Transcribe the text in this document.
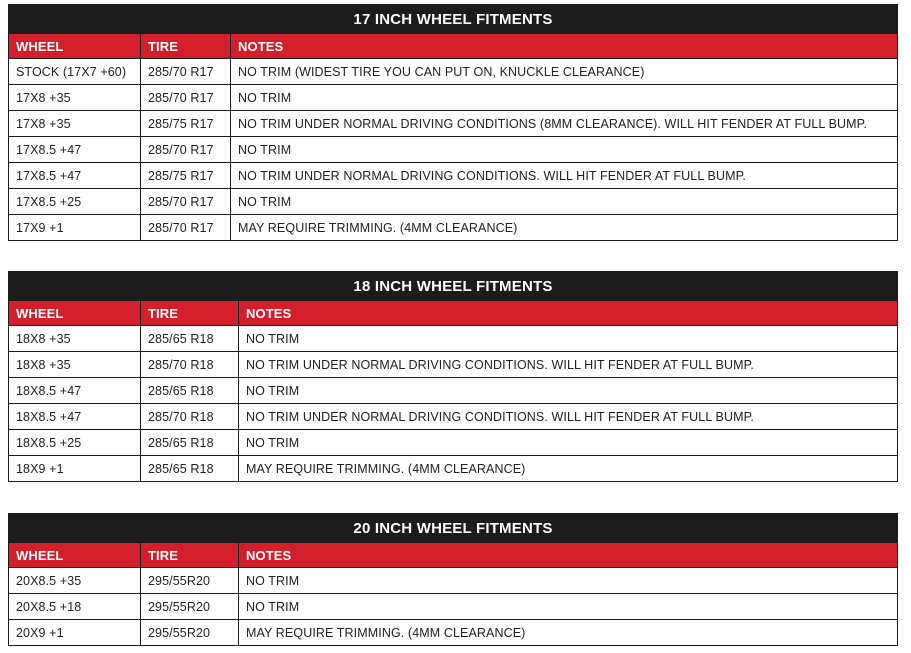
17 INCH WHEEL FITMENTS
WHEEL	TIRE	NOTES
STOCK (17X7 +60)	285/70 R17	NO TRIM (WIDEST TIRE YOU CAN PUT ON, KNUCKLE CLEARANCE)
17X8 +35	285/70 R17	NO TRIM
17X8 +35	285/75 R17	NO TRIM UNDER NORMAL DRIVING CONDITIONS (8MM CLEARANCE). WILL HIT FENDER AT FULL BUMP.
17X8.5 +47	285/70 R17	NO TRIM
17X8.5 +47	285/75 R17	NO TRIM UNDER NORMAL DRIVING CONDITIONS. WILL HIT FENDER AT FULL BUMP.
17X8.5 +25	285/70 R17	NO TRIM
17X9 +1	285/70 R17	MAY REQUIRE TRIMMING. (4MM CLEARANCE)
18 INCH WHEEL FITMENTS
WHEEL	TIRE	NOTES
18X8 +35	285/65 R18	NO TRIM
18X8 +35	285/70 R18	NO TRIM UNDER NORMAL DRIVING CONDITIONS. WILL HIT FENDER AT FULL BUMP.
18X8.5 +47	285/65 R18	NO TRIM
18X8.5 +47	285/70 R18	NO TRIM UNDER NORMAL DRIVING CONDITIONS. WILL HIT FENDER AT FULL BUMP.
18X8.5 +25	285/65 R18	NO TRIM
18X9 +1	285/65 R18	MAY REQUIRE TRIMMING. (4MM CLEARANCE)
20 INCH WHEEL FITMENTS
WHEEL	TIRE	NOTES
20X8.5 +35	295/55R20	NO TRIM
20X8.5 +18	295/55R20	NO TRIM
20X9 +1	295/55R20	MAY REQUIRE TRIMMING. (4MM CLEARANCE)
